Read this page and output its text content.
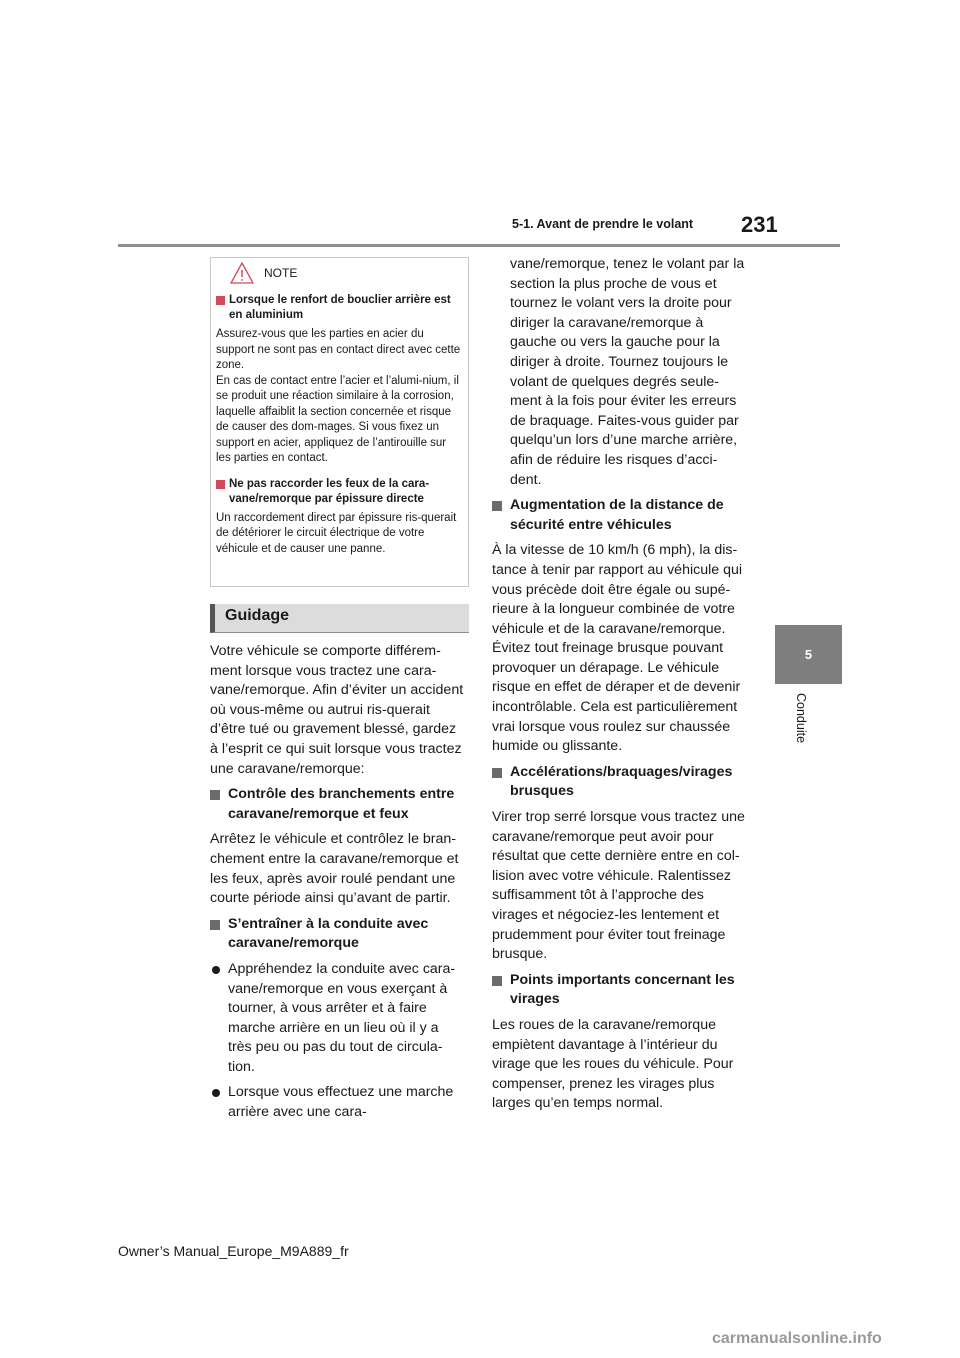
5-1. Avant de prendre le volant 231
5
Conduite
NOTE
Lorsque le renfort de bouclier arrière est en aluminium
Assurez-vous que les parties en acier du support ne sont pas en contact direct avec cette zone.
En cas de contact entre l’acier et l’alumi-nium, il se produit une réaction similaire à la corrosion, laquelle affaiblit la section concernée et risque de causer des dom-mages. Si vous fixez un support en acier, appliquez de l’antirouille sur les parties en contact.
Ne pas raccorder les feux de la cara-vane/remorque par épissure directe
Un raccordement direct par épissure ris-querait de détériorer le circuit électrique de votre véhicule et de causer une panne.
Guidage

Votre véhicule se comporte différem-ment lorsque vous tractez une cara-vane/remorque. Afin d’éviter un accident où vous-même ou autrui ris-querait d’être tué ou gravement blessé, gardez à l’esprit ce qui suit lorsque vous tractez une caravane/remorque:

Contrôle des branchements entre caravane/remorque et feux

Arrêtez le véhicule et contrôlez le bran-chement entre la caravane/remorque et les feux, après avoir roulé pendant une courte période ainsi qu’avant de partir.

S’entraîner à la conduite avec caravane/remorque
Appréhendez la conduite avec cara-vane/remorque en vous exerçant à tourner, à vous arrêter et à faire marche arrière en un lieu où il y a très peu ou pas du tout de circula-tion.
Lorsque vous effectuez une marche arrière avec une cara-

vane/remorque, tenez le volant par la section la plus proche de vous et tournez le volant vers la droite pour diriger la caravane/remorque à gauche ou vers la gauche pour la diriger à droite. Tournez toujours le volant de quelques degrés seule-ment à la fois pour éviter les erreurs de braquage. Faites-vous guider par quelqu’un lors d’une marche arrière, afin de réduire les risques d’acci-dent.

Augmentation de la distance de sécurité entre véhicules

À la vitesse de 10 km/h (6 mph), la dis-tance à tenir par rapport au véhicule qui vous précède doit être égale ou supé-rieure à la longueur combinée de votre véhicule et de la caravane/remorque. Évitez tout freinage brusque pouvant provoquer un dérapage. Le véhicule risque en effet de déraper et de devenir incontrôlable. Cela est particulièrement vrai lorsque vous roulez sur chaussée humide ou glissante.

Accélérations/braquages/virages brusques

Virer trop serré lorsque vous tractez une caravane/remorque peut avoir pour résultat que cette dernière entre en col-lision avec votre véhicule. Ralentissez suffisamment tôt à l’approche des virages et négociez-les lentement et prudemment pour éviter tout freinage brusque.

Points importants concernant les virages

Les roues de la caravane/remorque empiètent davantage à l’intérieur du virage que les roues du véhicule. Pour compenser, prenez les virages plus larges qu’en temps normal.

Owner’s Manual_Europe_M9A889_fr
carmanualsonline.info
